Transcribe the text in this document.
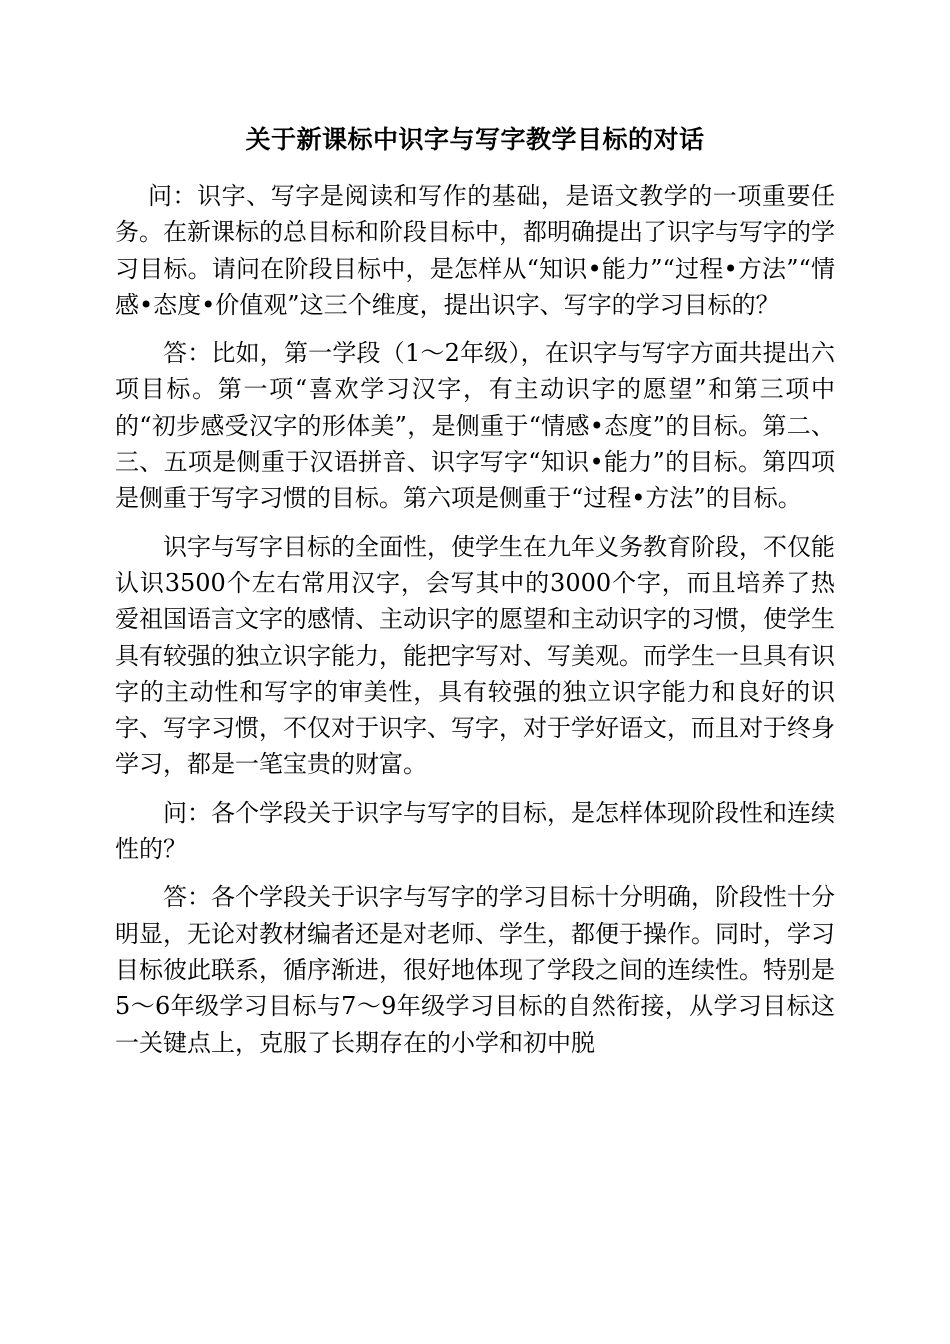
关于新课标中识字与写字教学目标的对话

问：识字、写字是阅读和写作的基础，是语文教学的一项重要任务。在新课标的总目标和阶段目标中，都明确提出了识字与写字的学习目标。请问在阶段目标中，是怎样从“知识•能力”“过程•方法”“情感•态度•价值观”这三个维度，提出识字、写字的学习目标的？

答：比如，第一学段（1～2年级），在识字与写字方面共提出六项目标。第一项“喜欢学习汉字，有主动识字的愿望”和第三项中的“初步感受汉字的形体美”，是侧重于“情感•态度”的目标。第二、三、五项是侧重于汉语拼音、识字写字“知识•能力”的目标。第四项是侧重于写字习惯的目标。第六项是侧重于“过程•方法”的目标。

识字与写字目标的全面性，使学生在九年义务教育阶段，不仅能认识3500个左右常用汉字，会写其中的3000个字，而且培养了热爱祖国语言文字的感情、主动识字的愿望和主动识字的习惯，使学生具有较强的独立识字能力，能把字写对、写美观。而学生一旦具有识字的主动性和写字的审美性，具有较强的独立识字能力和良好的识字、写字习惯，不仅对于识字、写字，对于学好语文，而且对于终身学习，都是一笔宝贵的财富。

问：各个学段关于识字与写字的目标，是怎样体现阶段性和连续性的？

答：各个学段关于识字与写字的学习目标十分明确，阶段性十分明显，无论对教材编者还是对老师、学生，都便于操作。同时，学习目标彼此联系，循序渐进，很好地体现了学段之间的连续性。特别是5～6年级学习目标与7～9年级学习目标的自然衔接，从学习目标这一关键点上，克服了长期存在的小学和初中脱
